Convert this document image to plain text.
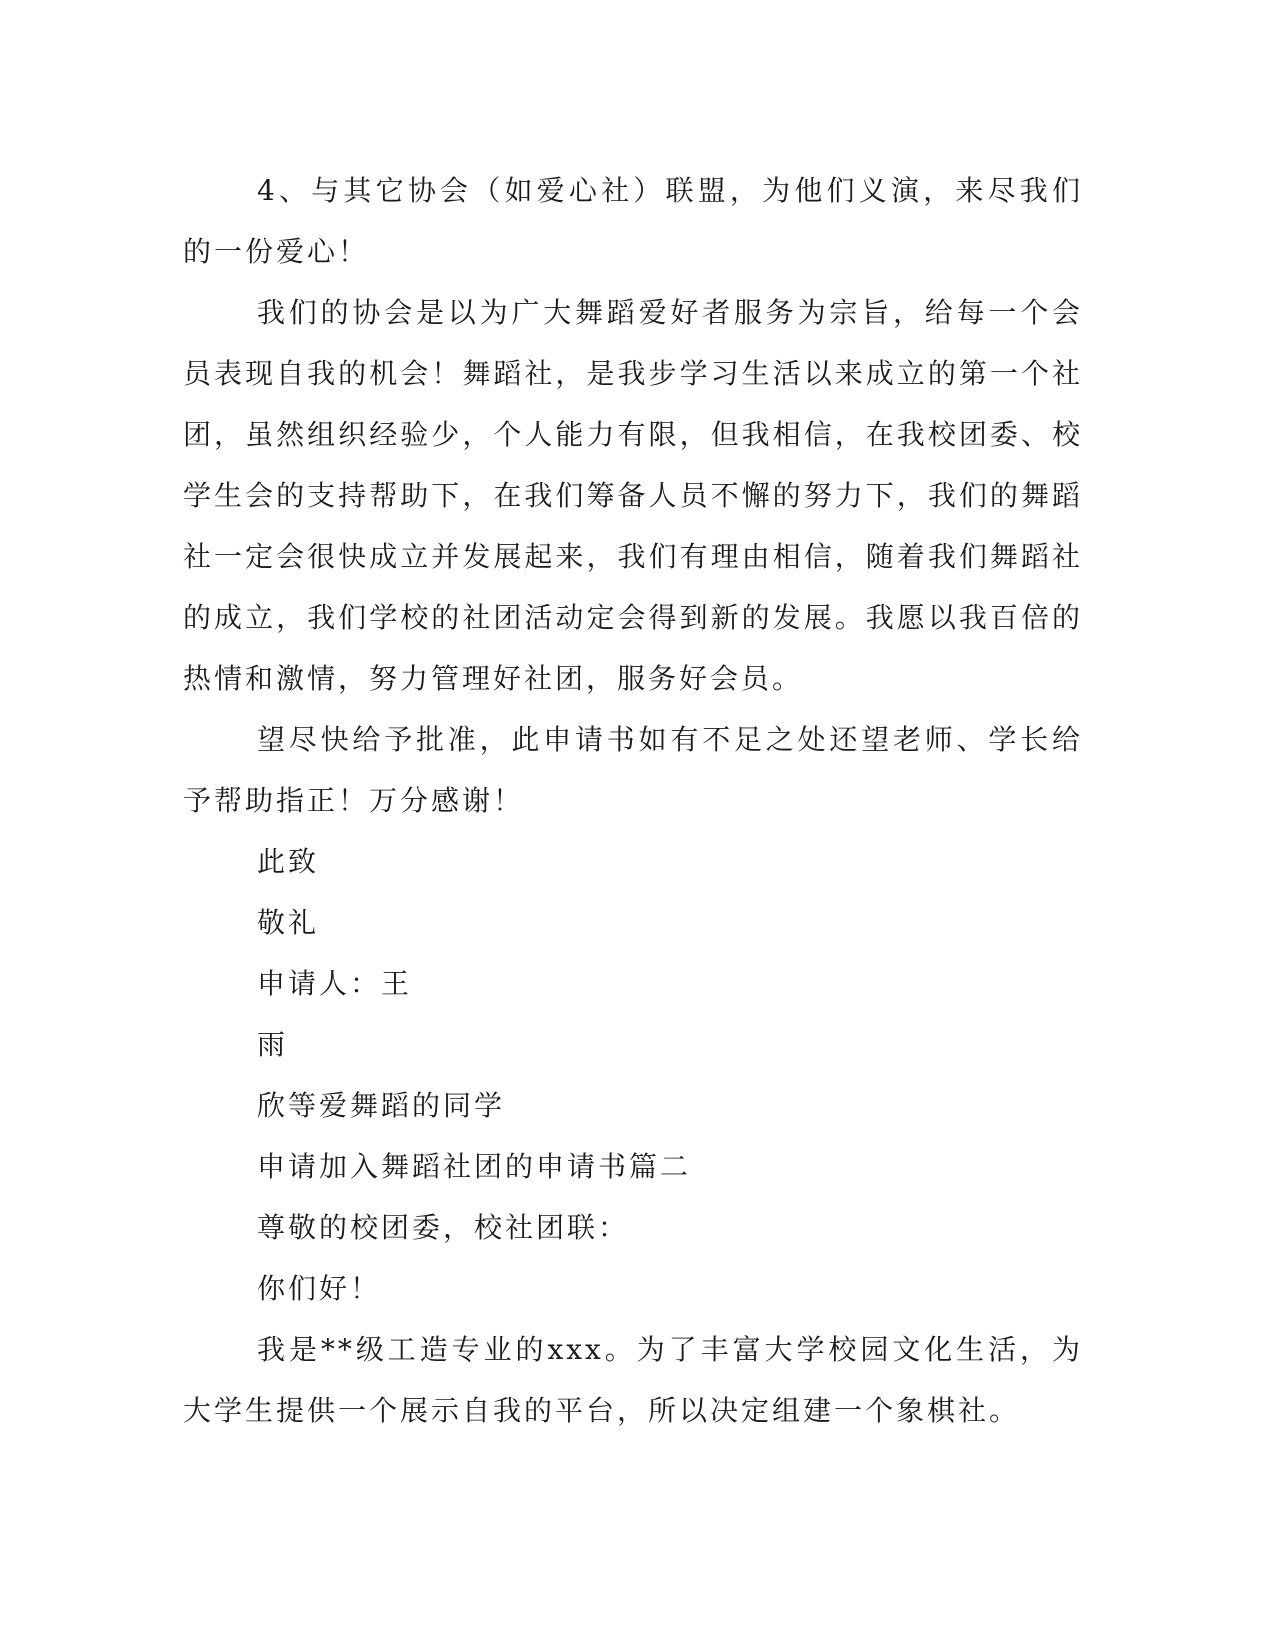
4、与其它协会（如爱心社）联盟，为他们义演，来尽我们的一份爱心！

我们的协会是以为广大舞蹈爱好者服务为宗旨，给每一个会员表现自我的机会！舞蹈社，是我步学习生活以来成立的第一个社团，虽然组织经验少，个人能力有限，但我相信，在我校团委、校学生会的支持帮助下，在我们筹备人员不懈的努力下，我们的舞蹈社一定会很快成立并发展起来，我们有理由相信，随着我们舞蹈社的成立，我们学校的社团活动定会得到新的发展。我愿以我百倍的热情和激情，努力管理好社团，服务好会员。

望尽快给予批准，此申请书如有不足之处还望老师、学长给予帮助指正！万分感谢！

此致

敬礼

申请人：王

雨

欣等爱舞蹈的同学

申请加入舞蹈社团的申请书篇二

尊敬的校团委，校社团联：

你们好！

我是**级工造专业的xxx。为了丰富大学校园文化生活，为大学生提供一个展示自我的平台，所以决定组建一个象棋社。
